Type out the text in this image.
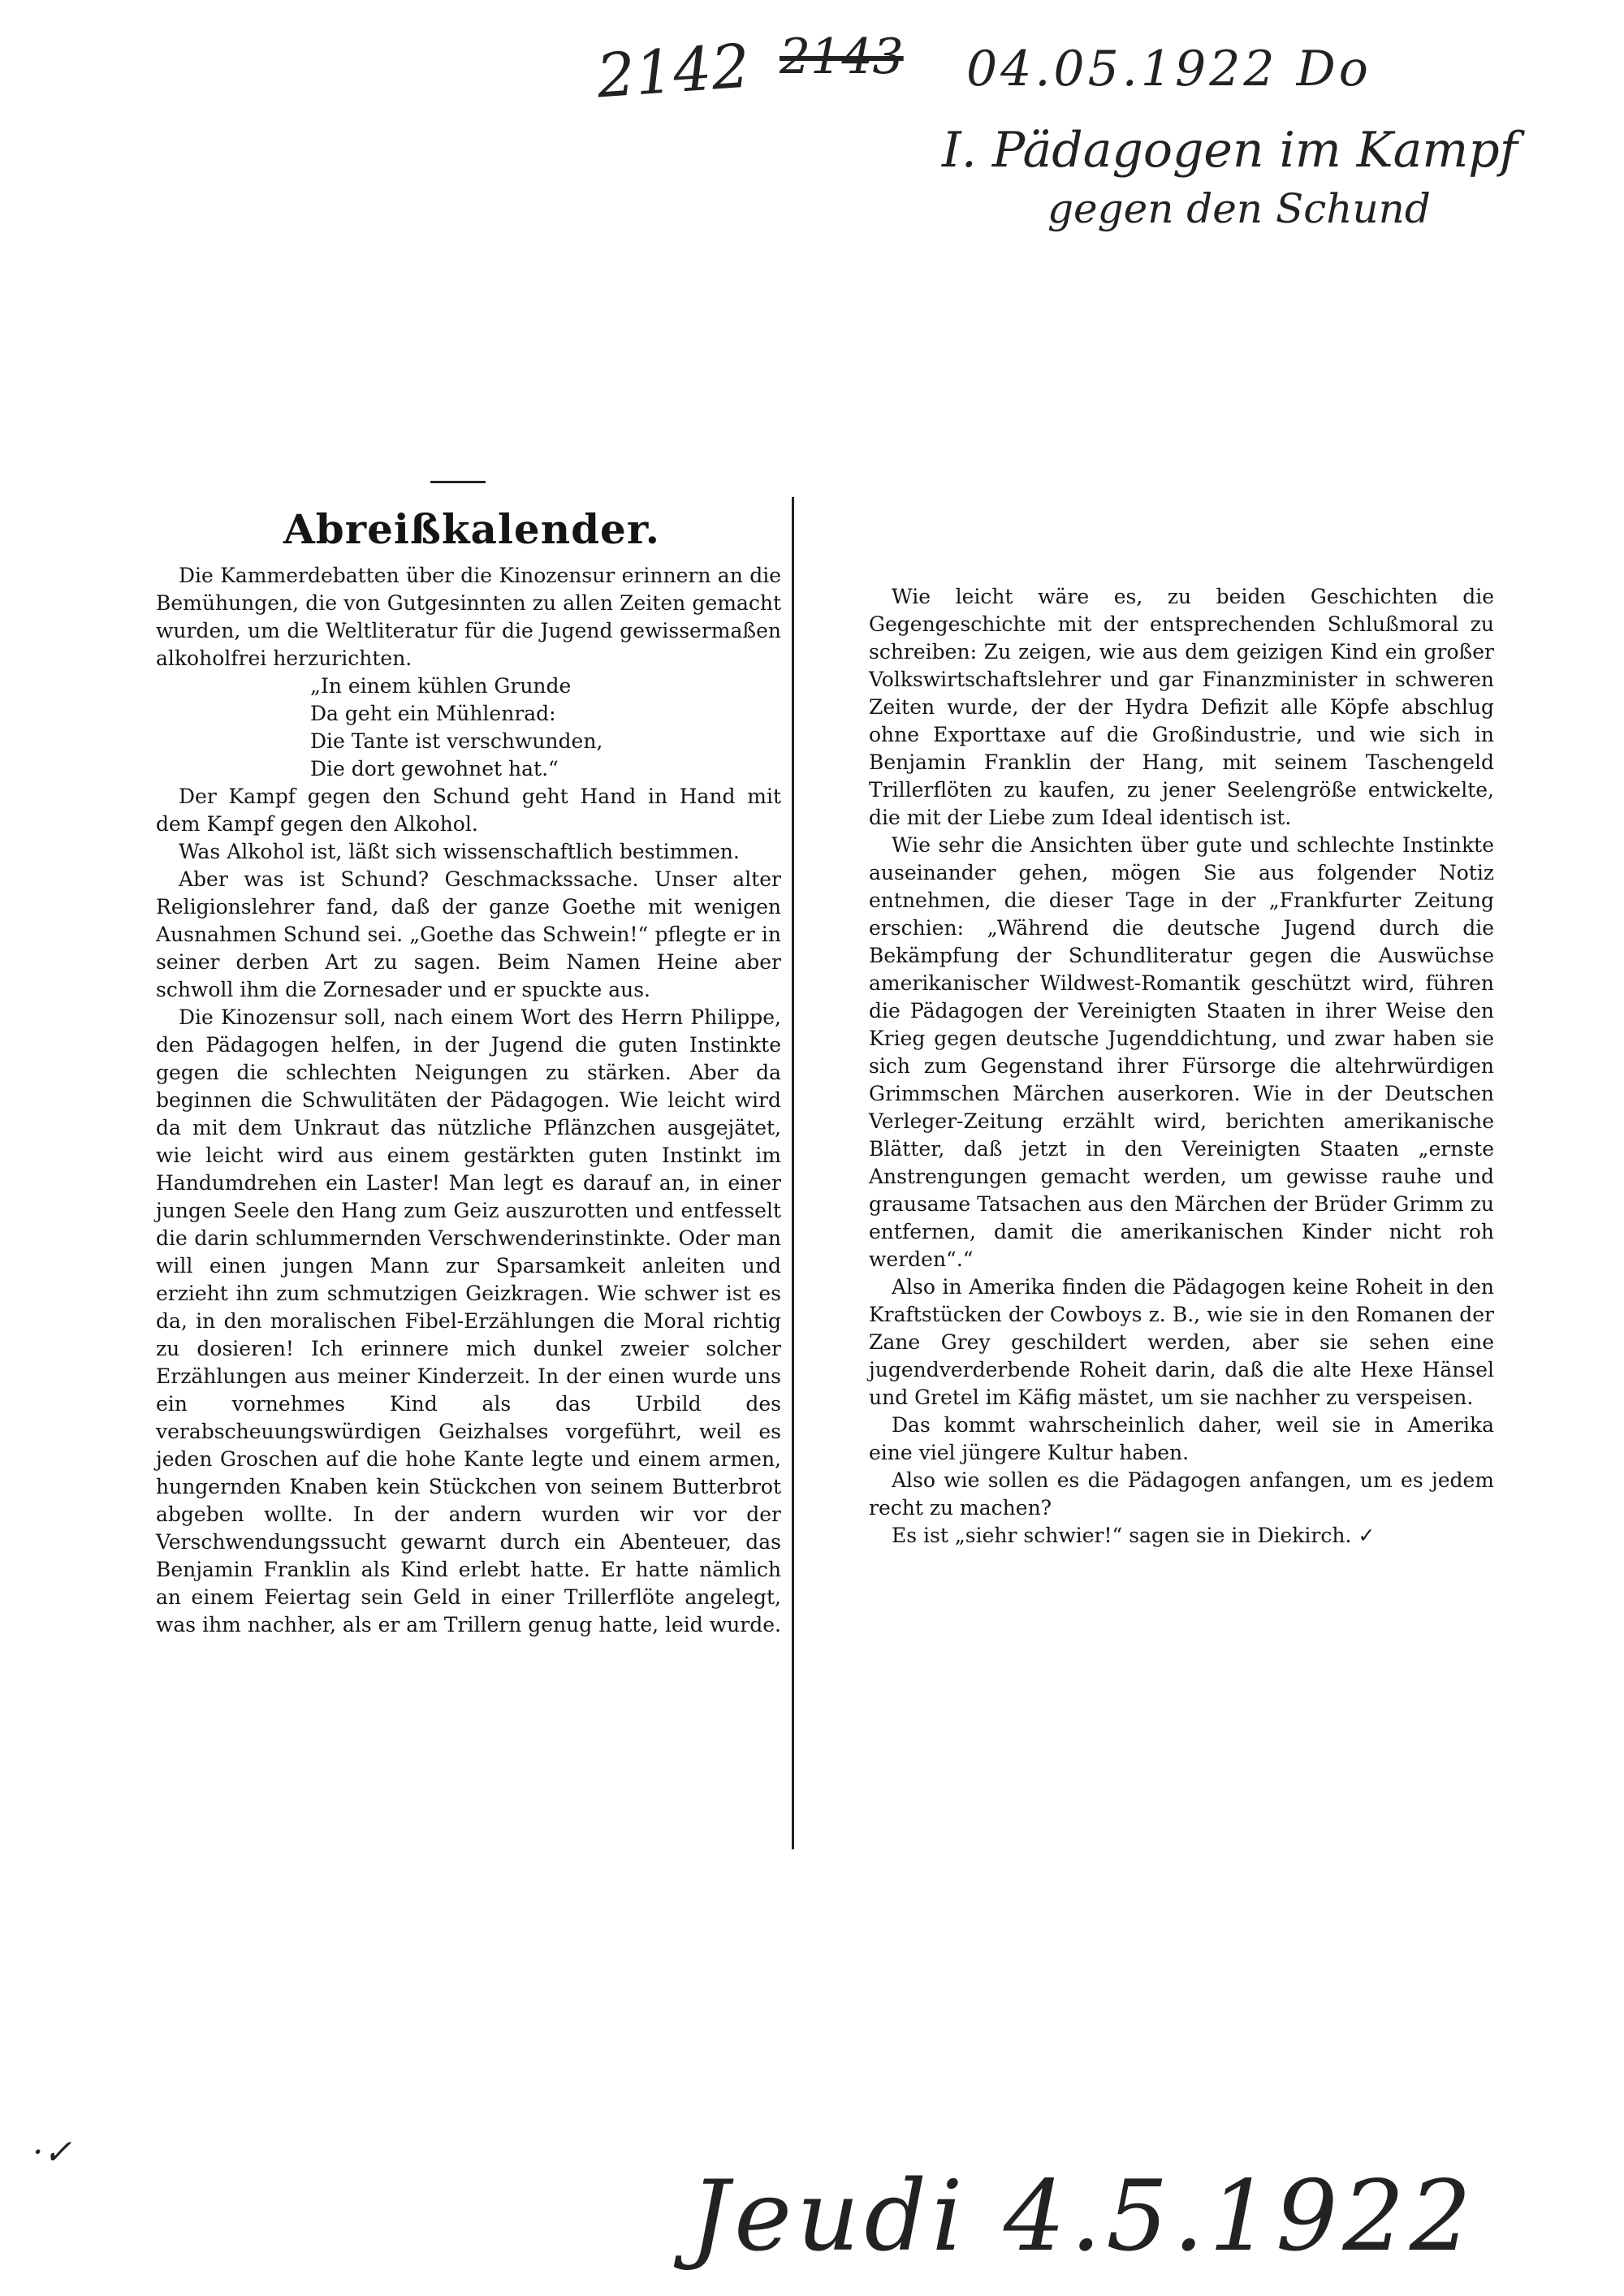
2142 2143 04.05.1922 Do
I. Pädagogen im Kampf
gegen den Schund
·✓
Abreißkalender.

Die Kammerdebatten über die Kinozensur erinnern an die Bemühungen, die von Gutgesinnten zu allen Zeiten gemacht wurden, um die Weltliteratur für die Jugend gewissermaßen alkoholfrei herzurichten.

„In einem kühlen Grunde
Da geht ein Mühlenrad:
Die Tante ist verschwunden,
Die dort gewohnet hat.“

Der Kampf gegen den Schund geht Hand in Hand mit dem Kampf gegen den Alkohol.

Was Alkohol ist, läßt sich wissenschaftlich bestimmen.

Aber was ist Schund? Geschmackssache. Unser alter Religionslehrer fand, daß der ganze Goethe mit wenigen Ausnahmen Schund sei. „Goethe das Schwein!“ pflegte er in seiner derben Art zu sagen. Beim Namen Heine aber schwoll ihm die Zornesader und er spuckte aus.

Die Kinozensur soll, nach einem Wort des Herrn Philippe, den Pädagogen helfen, in der Jugend die guten Instinkte gegen die schlechten Neigungen zu stärken. Aber da beginnen die Schwulitäten der Pädagogen. Wie leicht wird da mit dem Unkraut das nützliche Pflänzchen ausgejätet, wie leicht wird aus einem gestärkten guten Instinkt im Handumdrehen ein Laster! Man legt es darauf an, in einer jungen Seele den Hang zum Geiz auszurotten und entfesselt die darin schlummernden Verschwenderinstinkte. Oder man will einen jungen Mann zur Sparsamkeit anleiten und erzieht ihn zum schmutzigen Geizkragen. Wie schwer ist es da, in den moralischen Fibel-Erzählungen die Moral richtig zu dosieren! Ich erinnere mich dunkel zweier solcher Erzählungen aus meiner Kinderzeit. In der einen wurde uns ein vornehmes Kind als das Urbild des verabscheuungswürdigen Geizhalses vorgeführt, weil es jeden Groschen auf die hohe Kante legte und einem armen, hungernden Knaben kein Stückchen von seinem Butterbrot abgeben wollte. In der andern wurden wir vor der Verschwendungssucht gewarnt durch ein Abenteuer, das Benjamin Franklin als Kind erlebt hatte. Er hatte nämlich an einem Feiertag sein Geld in einer Trillerflöte angelegt, was ihm nachher, als er am Trillern genug hatte, leid wurde.

Wie leicht wäre es, zu beiden Geschichten die Gegengeschichte mit der entsprechenden Schlußmoral zu schreiben: Zu zeigen, wie aus dem geizigen Kind ein großer Volkswirtschaftslehrer und gar Finanzminister in schweren Zeiten wurde, der der Hydra Defizit alle Köpfe abschlug ohne Exporttaxe auf die Großindustrie, und wie sich in Benjamin Franklin der Hang, mit seinem Taschengeld Trillerflöten zu kaufen, zu jener Seelengröße entwickelte, die mit der Liebe zum Ideal identisch ist.

Wie sehr die Ansichten über gute und schlechte Instinkte auseinander gehen, mögen Sie aus folgender Notiz entnehmen, die dieser Tage in der „Frankfurter Zeitung erschien: „Während die deutsche Jugend durch die Bekämpfung der Schundliteratur gegen die Auswüchse amerikanischer Wildwest-Romantik geschützt wird, führen die Pädagogen der Vereinigten Staaten in ihrer Weise den Krieg gegen deutsche Jugenddichtung, und zwar haben sie sich zum Gegenstand ihrer Fürsorge die altehrwürdigen Grimmschen Märchen auserkoren. Wie in der Deutschen Verleger-Zeitung erzählt wird, berichten amerikanische Blätter, daß jetzt in den Vereinigten Staaten „ernste Anstrengungen gemacht werden, um gewisse rauhe und grausame Tatsachen aus den Märchen der Brüder Grimm zu entfernen, damit die amerikanischen Kinder nicht roh werden“.“

Also in Amerika finden die Pädagogen keine Roheit in den Kraftstücken der Cowboys z. B., wie sie in den Romanen der Zane Grey geschildert werden, aber sie sehen eine jugendverderbende Roheit darin, daß die alte Hexe Hänsel und Gretel im Käfig mästet, um sie nachher zu verspeisen.

Das kommt wahrscheinlich daher, weil sie in Amerika eine viel jüngere Kultur haben.

Also wie sollen es die Pädagogen anfangen, um es jedem recht zu machen?

Es ist „siehr schwier!“ sagen sie in Diekirch. ✓

Jeudi 4.5.1922
